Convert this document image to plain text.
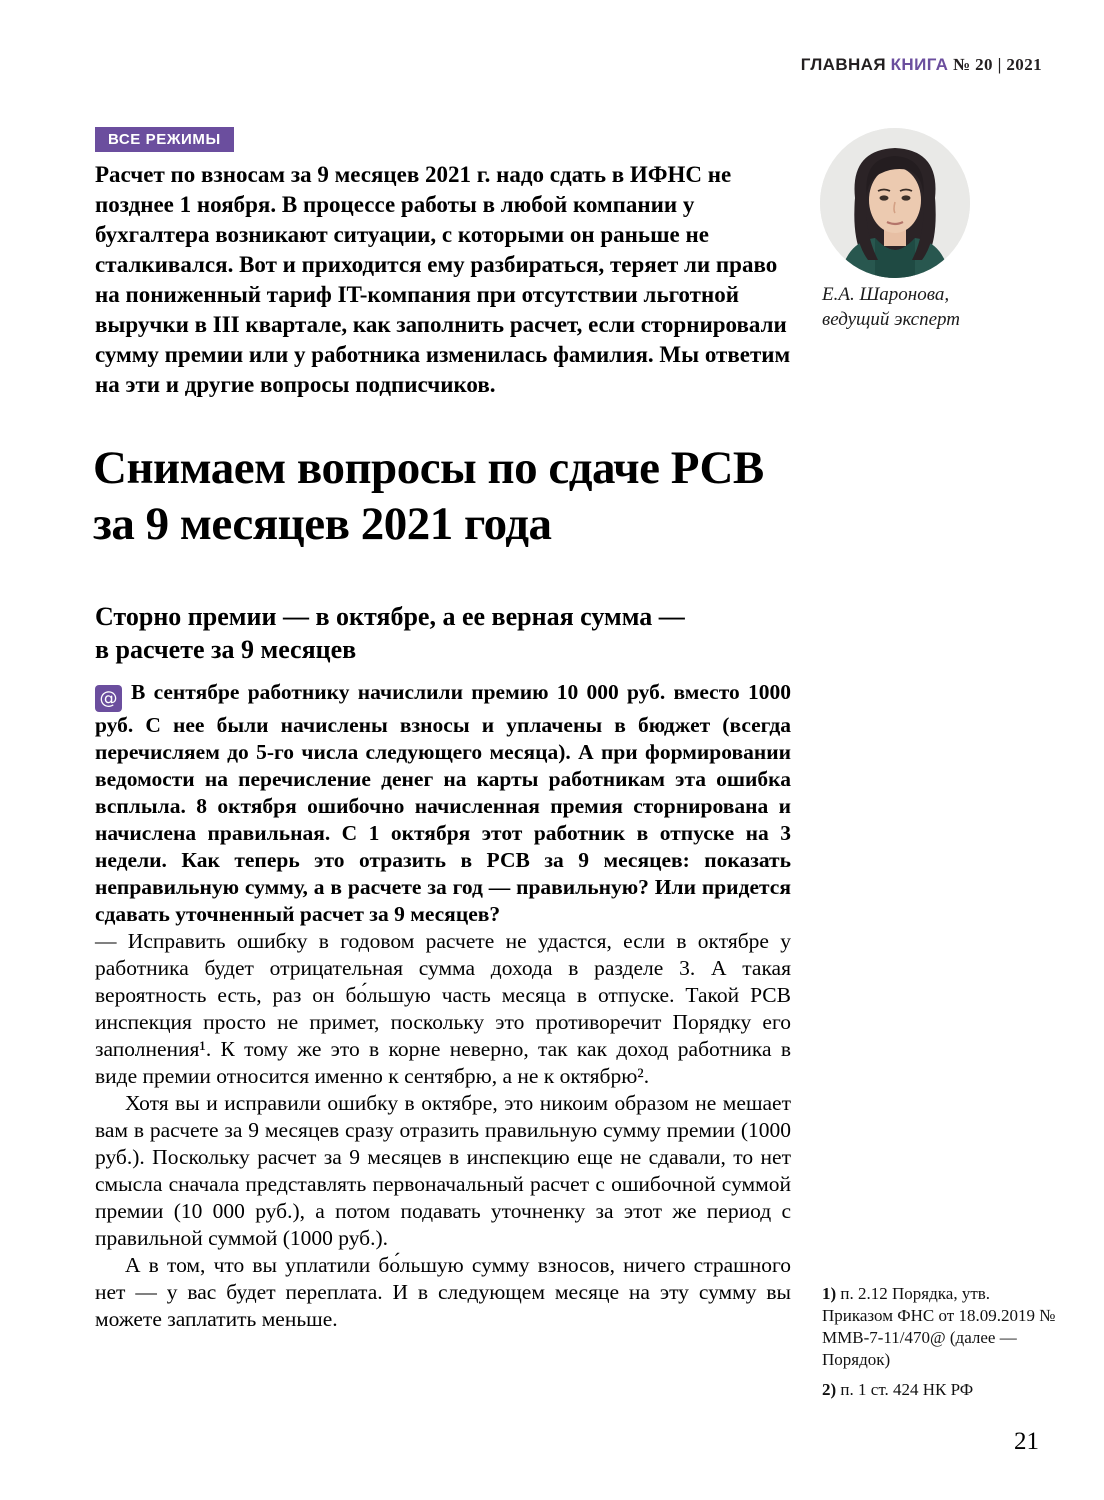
ГЛАВНАЯ КНИГА № 20 | 2021
ВСЕ РЕЖИМЫ
Расчет по взносам за 9 месяцев 2021 г. надо сдать в ИФНС не позднее 1 ноября. В процессе работы в любой компании у бухгалтера возникают ситуации, с которыми он раньше не сталкивался. Вот и приходится ему разбираться, теряет ли право на пониженный тариф IT-компания при отсутствии льготной выручки в III квартале, как заполнить расчет, если сторнировали сумму премии или у работника изменилась фамилия. Мы ответим на эти и другие вопросы подписчиков.
Е.А. Шаронова,
ведущий эксперт
Снимаем вопросы по сдаче РСВ
за 9 месяцев 2021 года
Сторно премии — в октябре, а ее верная сумма —
в расчете за 9 месяцев
@ В сентябре работнику начислили премию 10 000 руб. вместо 1000 руб. С нее были начислены взносы и уплачены в бюджет (всегда перечисляем до 5-го числа следующего месяца). А при формировании ведомости на перечисление денег на карты работникам эта ошибка всплыла. 8 октября ошибочно начисленная премия сторнирована и начислена правильная. С 1 октября этот работник в отпуске на 3 недели. Как теперь это отразить в РСВ за 9 месяцев: показать неправильную сумму, а в расчете за год — правильную? Или придется сдавать уточненный расчет за 9 месяцев?

— Исправить ошибку в годовом расчете не удастся, если в октябре у работника будет отрицательная сумма дохода в разделе 3. А такая вероятность есть, раз он бо́льшую часть месяца в отпуске. Такой РСВ инспекция просто не примет, поскольку это противоречит Порядку его заполнения¹. К тому же это в корне неверно, так как доход работника в виде премии относится именно к сентябрю, а не к октябрю².

Хотя вы и исправили ошибку в октябре, это никоим образом не мешает вам в расчете за 9 месяцев сразу отразить правильную сумму премии (1000 руб.). Поскольку расчет за 9 месяцев в инспекцию еще не сдавали, то нет смысла сначала представлять первоначальный расчет с ошибочной суммой премии (10 000 руб.), а потом подавать уточненку за этот же период с правильной суммой (1000 руб.).

А в том, что вы уплатили бо́льшую сумму взносов, ничего страшного нет — у вас будет переплата. И в следующем месяце на эту сумму вы можете заплатить меньше.

1) п. 2.12 Порядка, утв. Приказом ФНС от 18.09.2019 № ММВ-7-11/470@ (далее — Порядок)

2) п. 1 ст. 424 НК РФ

21
